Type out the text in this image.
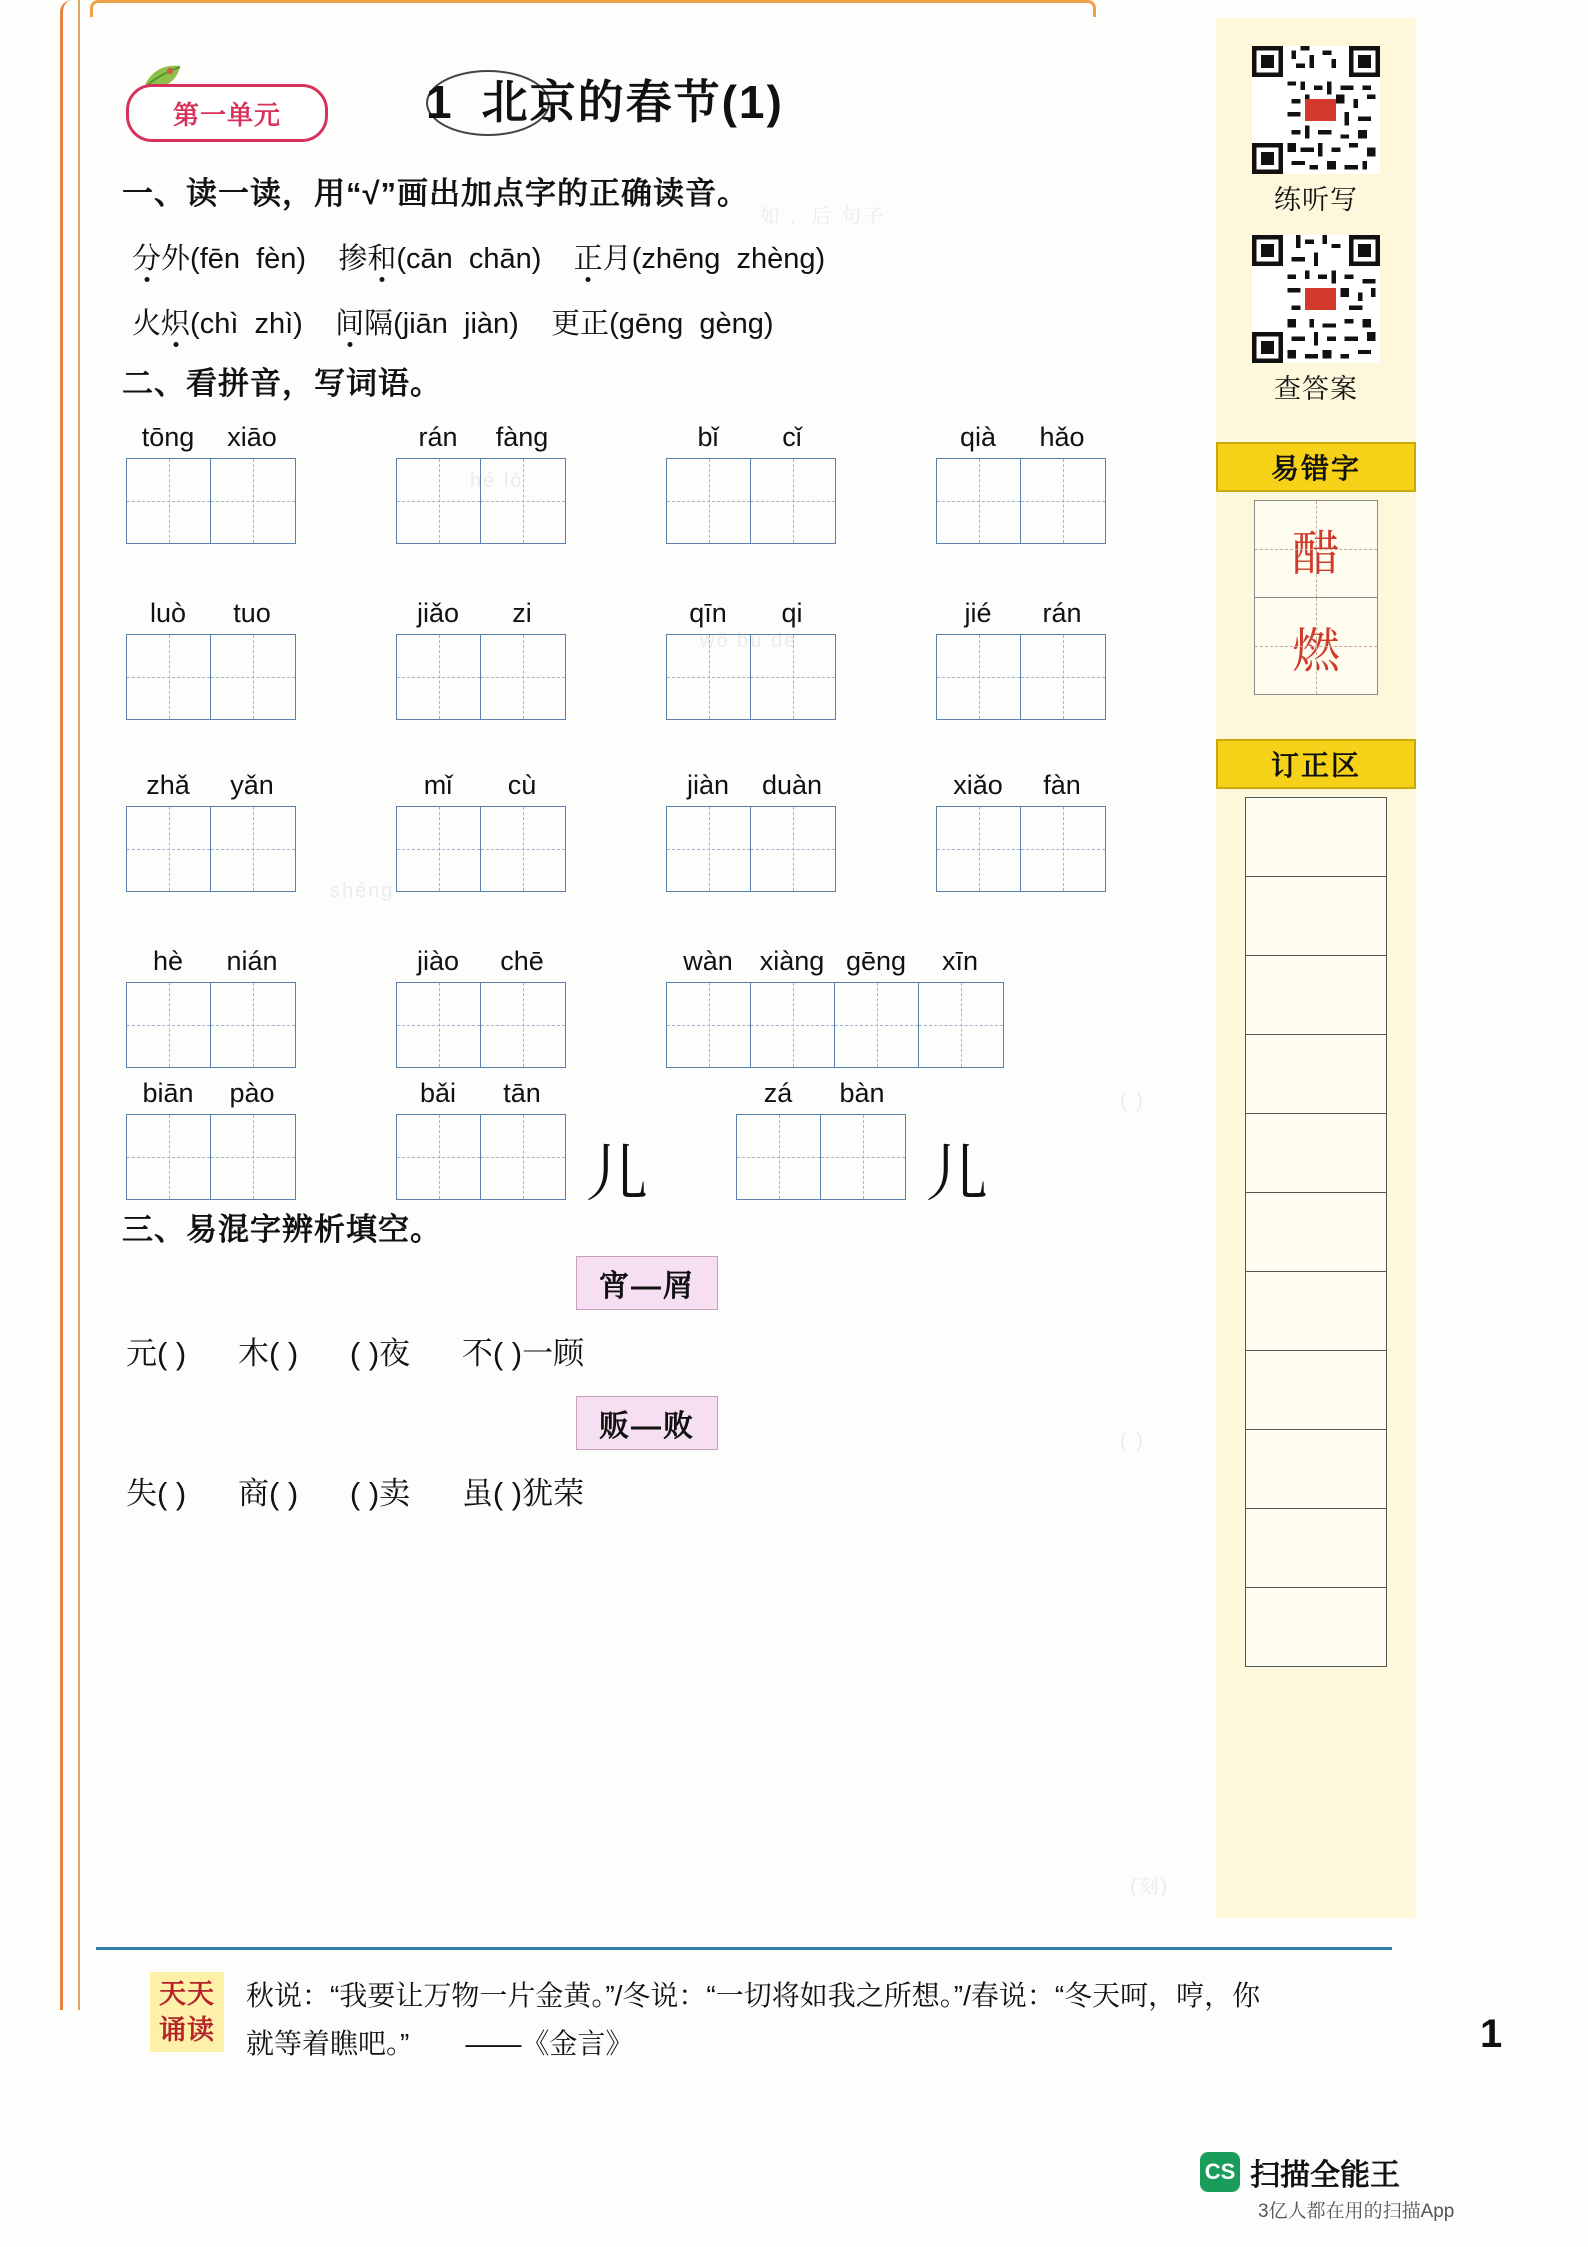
如 ，后 句子
hé lǒ
wǒ bù de
shéng
( )
( )
(刻)
第一单元	1 北京的春节(1)
一、读一读，用“√”画出加点字的正确读音。
分外(fēn  fèn)    掺和(cān  chān) 正月(zhēng  zhèng)
火炽(chì  zhì) 间隔(jiān  jiàn) 更正(gēng  gèng)
二、看拼音，写词语。
tōng	xiāo	rán	fàng	bǐ	cǐ	qià	hǎo
luò	tuo	jiǎo	zi	qīn	qi	jié	rán
zhǎ	yǎn	mǐ	cù	jiàn	duàn	xiǎo	fàn
hè	nián	jiào	chē	wàn xiàng gēng	xīn
biān	pào	bǎi	tān
儿
zá	bàn
儿
三、易混字辨析填空。
宵—屑
元( ) 木( ) ( )夜 不( )一顾
贩—败
失( ) 商( ) ( )卖 虽( )犹荣
练听写
查答案
易错字
醋
燃
订正区
天天
诵读
秋说：“我要让万物一片金黄。”/冬说：“一切将如我之所想。”/春说：“冬天呵，哼，你就等着瞧吧。”　　——《金言》	1
CS 扫描全能王
3亿人都在用的扫描App
